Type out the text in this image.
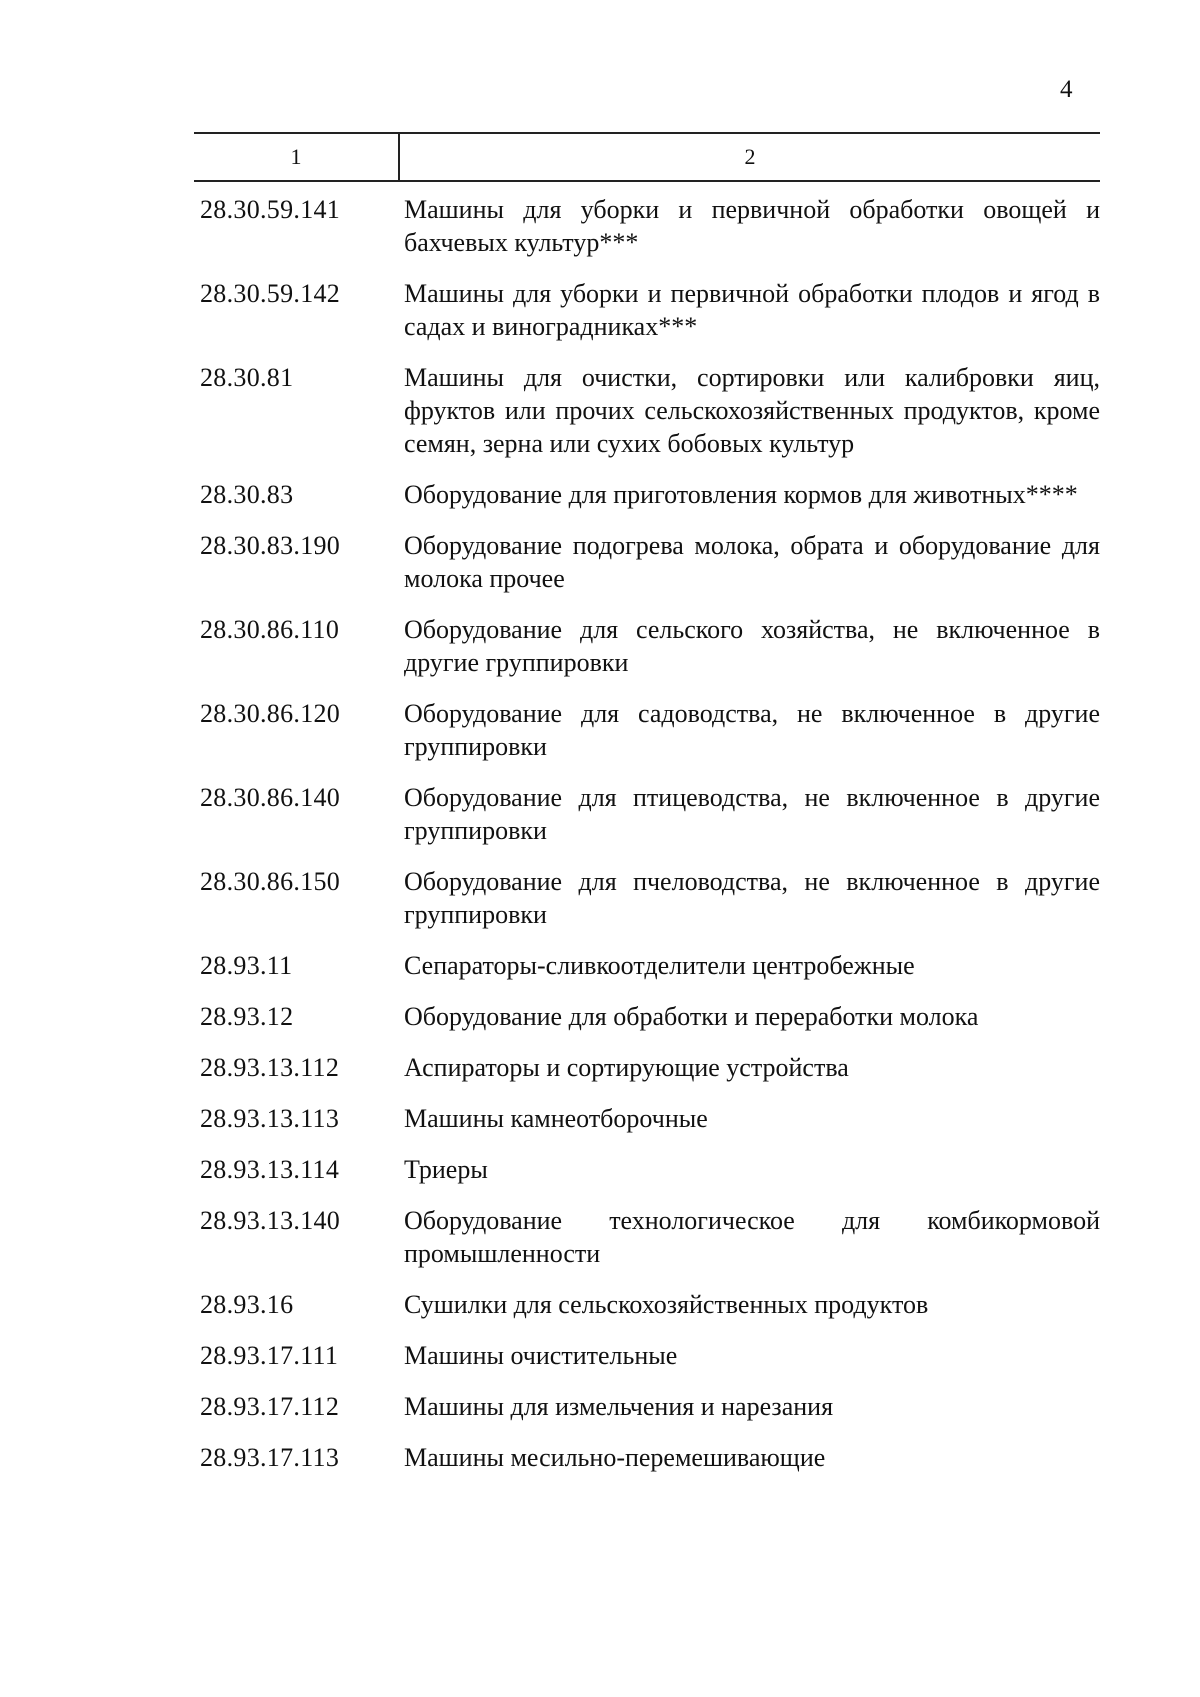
4
1	2
28.30.59.141	Машины для уборки и первичной обработки овощей и бахчевых культур***
28.30.59.142	Машины для уборки и первичной обработки плодов и ягод в садах и виноградниках***
28.30.81	Машины для очистки, сортировки или калибровки яиц, фруктов или прочих сельскохозяйственных продуктов, кроме семян, зерна или сухих бобовых культур
28.30.83	Оборудование для приготовления кормов для животных****
28.30.83.190	Оборудование подогрева молока, обрата и оборудование для молока прочее
28.30.86.110	Оборудование для сельского хозяйства, не включенное в другие группировки
28.30.86.120	Оборудование для садоводства, не включенное в другие группировки
28.30.86.140	Оборудование для птицеводства, не включенное в другие группировки
28.30.86.150	Оборудование для пчеловодства, не включенное в другие группировки
28.93.11	Сепараторы-сливкоотделители центробежные
28.93.12	Оборудование для обработки и переработки молока
28.93.13.112	Аспираторы и сортирующие устройства
28.93.13.113	Машины камнеотборочные
28.93.13.114	Триеры
28.93.13.140	Оборудование технологическое для комбикормовой промышленности
28.93.16	Сушилки для сельскохозяйственных продуктов
28.93.17.111	Машины очистительные
28.93.17.112	Машины для измельчения и нарезания
28.93.17.113	Машины месильно-перемешивающие
